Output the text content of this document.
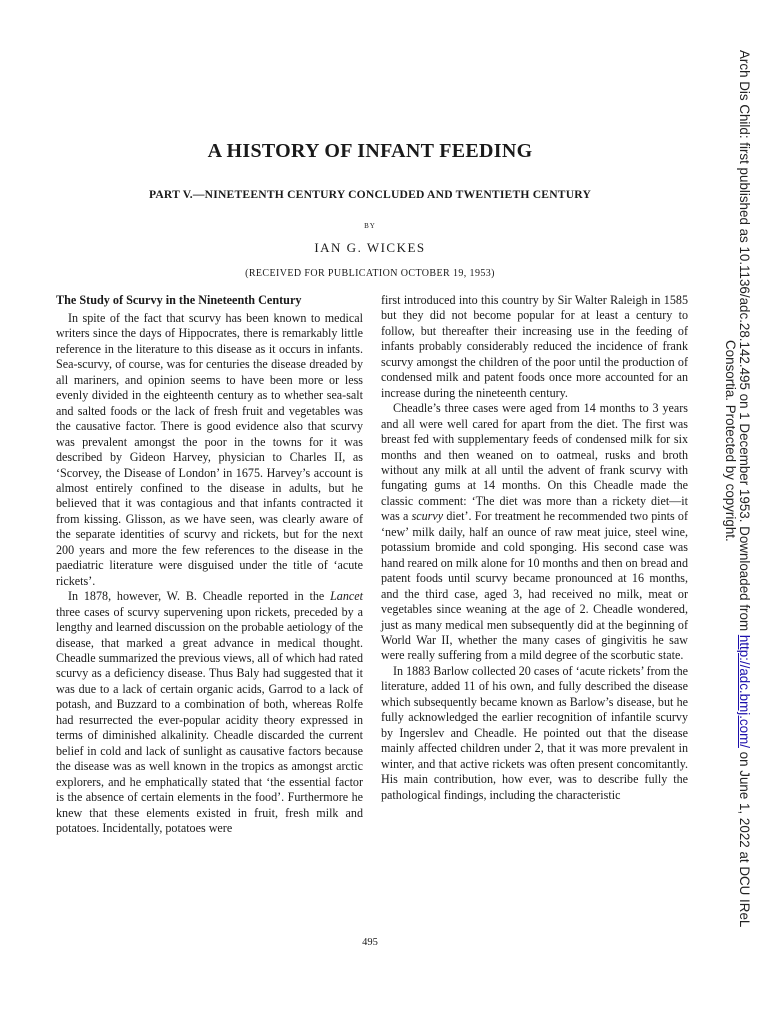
A HISTORY OF INFANT FEEDING
PART V.—NINETEENTH CENTURY CONCLUDED AND TWENTIETH CENTURY

BY

IAN G. WICKES

(RECEIVED FOR PUBLICATION OCTOBER 19, 1953)

The Study of Scurvy in the Nineteenth Century

In spite of the fact that scurvy has been known to medical writers since the days of Hippocrates, there is remarkably little reference in the literature to this disease as it occurs in infants. Sea-scurvy, of course, was for centuries the disease dreaded by all mariners, and opinion seems to have been more or less evenly divided in the eighteenth century as to whether sea-salt and salted foods or the lack of fresh fruit and vegetables was the causative factor. There is good evidence also that scurvy was prevalent amongst the poor in the towns for it was described by Gideon Harvey, physician to Charles II, as ‘Scorvey, the Disease of London’ in 1675. Harvey’s account is almost entirely confined to the disease in adults, but he believed that it was contagious and that infants contracted it from kissing. Glisson, as we have seen, was clearly aware of the separate identities of scurvy and rickets, but for the next 200 years and more the few references to the disease in the paediatric literature were disguised under the title of ‘acute rickets’.

In 1878, however, W. B. Cheadle reported in the Lancet three cases of scurvy supervening upon rickets, preceded by a lengthy and learned discussion on the probable aetiology of the disease, that marked a great advance in medical thought. Cheadle summarized the previous views, all of which had rated scurvy as a deficiency disease. Thus Baly had suggested that it was due to a lack of certain organic acids, Garrod to a lack of potash, and Buzzard to a combination of both, whereas Rolfe had resurrected the ever-popular acidity theory expressed in terms of diminished alkalinity. Cheadle discarded the current belief in cold and lack of sunlight as causative factors because the disease was as well known in the tropics as amongst arctic explorers, and he emphatically stated that ‘the essential factor is the absence of certain elements in the food’. Furthermore he knew that these elements existed in fruit, fresh milk and potatoes. Incidentally, potatoes were

first introduced into this country by Sir Walter Raleigh in 1585 but they did not become popular for at least a century to follow, but thereafter their increasing use in the feeding of infants probably considerably reduced the incidence of frank scurvy amongst the children of the poor until the production of condensed milk and patent foods once more accounted for an increase during the nineteenth century.

Cheadle’s three cases were aged from 14 months to 3 years and all were well cared for apart from the diet. The first was breast fed with supplementary feeds of condensed milk for six months and then weaned on to oatmeal, rusks and broth without any milk at all until the advent of frank scurvy with fungating gums at 14 months. On this Cheadle made the classic comment: ‘The diet was more than a rickety diet—it was a scurvy diet’. For treatment he recommended two pints of ‘new’ milk daily, half an ounce of raw meat juice, steel wine, potassium bromide and cold sponging. His second case was hand reared on milk alone for 10 months and then on bread and patent foods until scurvy became pronounced at 16 months, and the third case, aged 3, had received no milk, meat or vegetables since weaning at the age of 2. Cheadle wondered, just as many medical men subsequently did at the beginning of World War II, whether the many cases of gingivitis he saw were really suffering from a mild degree of the scorbutic state.

In 1883 Barlow collected 20 cases of ‘acute rickets’ from the literature, added 11 of his own, and fully described the disease which subsequently became known as Barlow’s disease, but he fully acknowledged the earlier recognition of infantile scurvy by Ingerslev and Cheadle. He pointed out that the disease mainly affected children under 2, that it was more prevalent in winter, and that active rickets was often present concomitantly. His main contribution, how ever, was to describe fully the pathological findings, including the characteristic

495

Arch Dis Child: first published as 10.1136/adc.28.142.495 on 1 December 1953. Downloaded from http://adc.bmj.com/ on June 1, 2022 at DCU IReL

Consortia. Protected by copyright.
